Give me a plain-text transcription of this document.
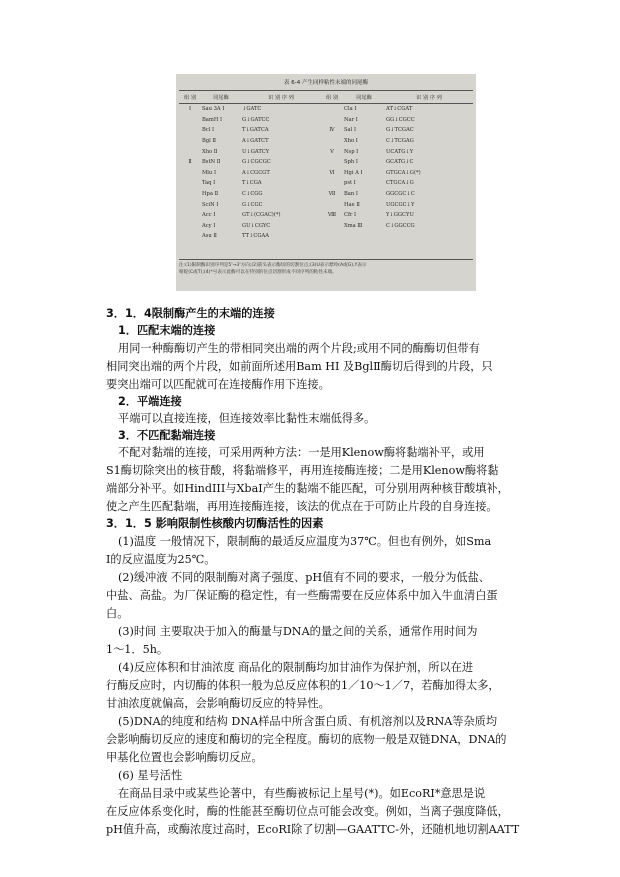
表 6-4 产生同样粘性末端的同尾酶
组 别	同尾酶	识 别 序 列	组 别	同尾酶	识 别 序 列
Ⅰ	Sau 3A Ⅰ	↓GATC		Cla Ⅰ	AT↓CGAT
	BamH Ⅰ	G↓GATCC		Nar Ⅰ	GG↓CGCC
	Bcl Ⅰ	T↓GATCA	Ⅳ	Sal Ⅰ	G↓TCGAC
	Bgl Ⅱ	A↓GATCT		Xho Ⅰ	C↓TCGAG
	Xho Ⅱ	U↓GATCY	Ⅴ	Nsp Ⅰ	UCATG↓Y
Ⅱ	BstN Ⅱ	G↓CGCGC		Sph Ⅰ	GCATG↓C
	Mlu Ⅰ	A↓CGCGT	Ⅵ	Hgi A Ⅰ	GTGCA↓G(*)
	Taq Ⅰ	T↓CGA		pst Ⅰ	CTGCA↓G
	Hpa Ⅱ	C↓CGG	Ⅶ	Ban Ⅰ	GGCGC↓C
	SciN Ⅰ	G↓CGC		Hae Ⅱ	UGCGC↓Y
	Acc Ⅰ	GT↓(CGAC)(*)	Ⅷ	Cfr Ⅰ	Y↓GGCYU
	Acy Ⅰ	GU↓CGYC		Xma Ⅲ	C↓GGCCG
	Asu Ⅱ	TT↓CGAA			
注:(1)限制酶识别序列是5'→3'方向;(2)箭头表示酶切的切割位点;(3)U表示嘌呤(A或G),Y表示
嘧啶(C或T);(4)*号表示此酶可以在特别的位点切割形成不同序列的粘性末端。
3．1．4限制酶产生的末端的连接
1．匹配末端的连接
用同一种酶酶切产生的带相同突出端的两个片段;或用不同的酶酶切但带有
相同突出端的两个片段，如前面所述用Bam HI 及BglⅡ酶切后得到的片段，只
要突出端可以匹配就可在连接酶作用下连接。
2．平端连接
平端可以直接连接，但连接效率比黏性末端低得多。
3．不匹配黏端连接
不配对黏端的连接，可采用两种方法：一是用Klenow酶将黏端补平，或用
S1酶切除突出的核苷酸，将黏端修平，再用连接酶连接；二是用Klenow酶将黏
端部分补平。如HindIII与XbaI产生的黏端不能匹配，可分别用两种核苷酸填补，
使之产生匹配黏端，再用连接酶连接，该法的优点在于可防止片段的自身连接。
3．1．5 影响限制性核酸内切酶活性的因素
(1)温度 一般情况下，限制酶的最适反应温度为37℃。但也有例外，如Sma
I的反应温度为25℃。
(2)缓冲液 不同的限制酶对离子强度、pH值有不同的要求，一般分为低盐、
中盐、高盐。为厂保证酶的稳定性，有一些酶需要在反应体系中加入牛血清白蛋
白。
(3)时间 主要取决于加入的酶量与DNA的量之间的关系，通常作用时间为
1～1．5h。
(4)反应体积和甘油浓度 商品化的限制酶均加甘油作为保护剂，所以在进
行酶反应时，内切酶的体积一般为总反应体积的1／10～1／7，若酶加得太多，
甘油浓度就偏高，会影响酶切反应的特异性。
(5)DNA的纯度和结构 DNA样品中所含蛋白质、有机溶剂以及RNA等杂质均
会影响酶切反应的速度和酶切的完全程度。酶切的底物一般是双链DNA，DNA的
甲基化位置也会影响酶切反应。
(6) 星号活性
在商品目录中或某些论著中，有些酶被标记上星号(*)。如EcoRI*意思是说
在反应体系变化时，酶的性能甚至酶切位点可能会改变。例如，当离子强度降低，
pH值升高，或酶浓度过高时，EcoRI除了切割—GAATTC-外，还随机地切割AATT
